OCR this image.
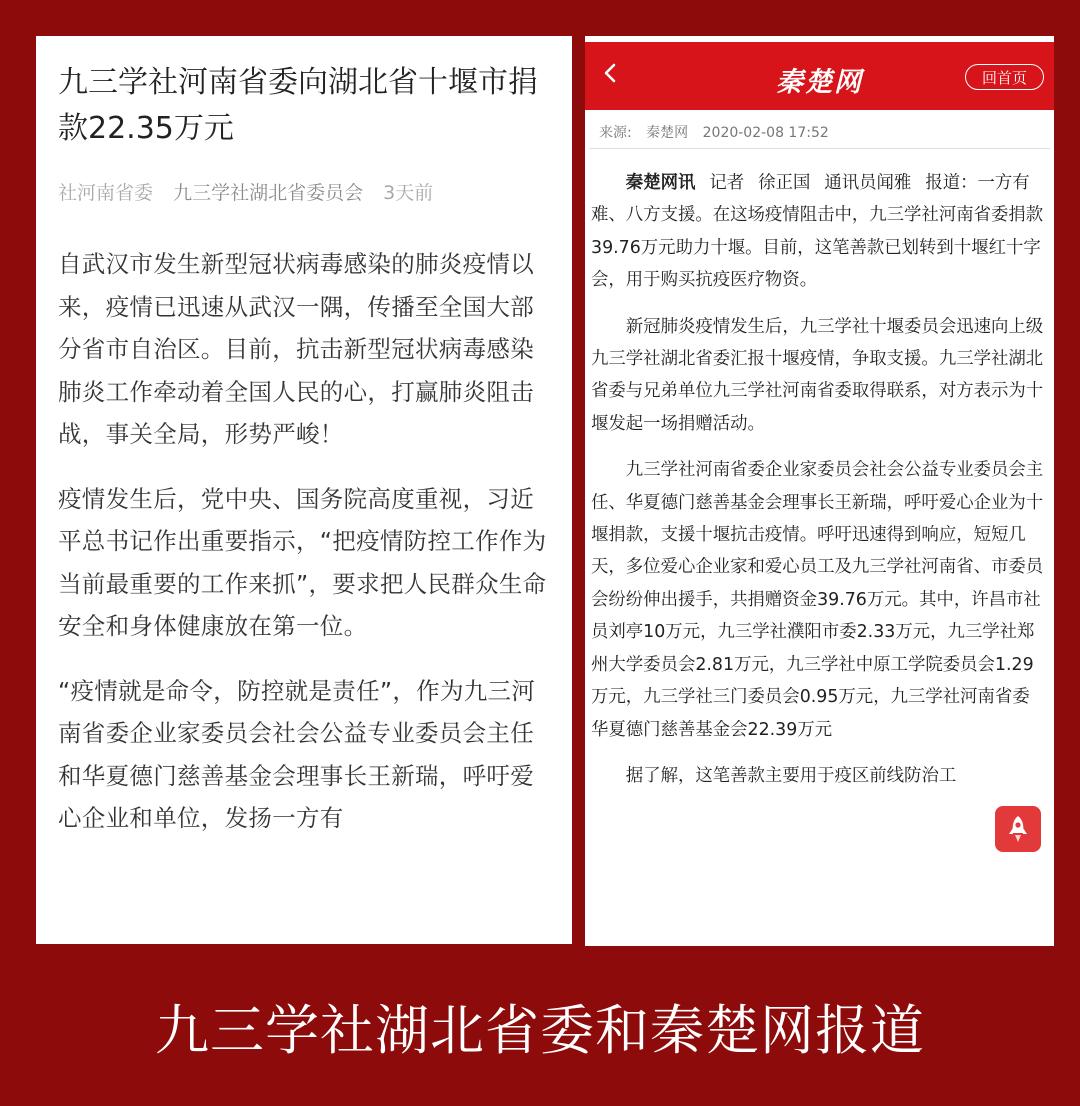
九三学社河南省委向湖北省十堰市捐款22.35万元
社河南省委 九三学社湖北省委员会 3天前

自武汉市发生新型冠状病毒感染的肺炎疫情以来，疫情已迅速从武汉一隅，传播至全国大部分省市自治区。目前，抗击新型冠状病毒感染肺炎工作牵动着全国人民的心，打赢肺炎阻击战，事关全局，形势严峻！

疫情发生后，党中央、国务院高度重视，习近平总书记作出重要指示，“把疫情防控工作作为当前最重要的工作来抓”，要求把人民群众生命安全和身体健康放在第一位。

“疫情就是命令，防控就是责任”，作为九三河南省委企业家委员会社会公益专业委员会主任和华夏德门慈善基金会理事长王新瑞，呼吁爱心企业和单位，发扬一方有

秦楚网	回首页
来源: 秦楚网 2020-02-08 17:52

秦楚网讯 记者 徐正国 通讯员闻雅 报道：一方有难、八方支援。在这场疫情阻击中，九三学社河南省委捐款39.76万元助力十堰。目前，这笔善款已划转到十堰红十字会，用于购买抗疫医疗物资。

新冠肺炎疫情发生后，九三学社十堰委员会迅速向上级九三学社湖北省委汇报十堰疫情，争取支援。九三学社湖北省委与兄弟单位九三学社河南省委取得联系，对方表示为十堰发起一场捐赠活动。

九三学社河南省委企业家委员会社会公益专业委员会主任、华夏德门慈善基金会理事长王新瑞，呼吁爱心企业为十堰捐款，支援十堰抗击疫情。呼吁迅速得到响应，短短几天，多位爱心企业家和爱心员工及九三学社河南省、市委员会纷纷伸出援手，共捐赠资金39.76万元。其中，许昌市社员刘亭10万元，九三学社濮阳市委2.33万元，九三学社郑州大学委员会2.81万元，九三学社中原工学院委员会1.29万元，九三学社三门委员会0.95万元，九三学社河南省委华夏德门慈善基金会22.39万元

据了解，这笔善款主要用于疫区前线防治工

九三学社湖北省委和秦楚网报道
